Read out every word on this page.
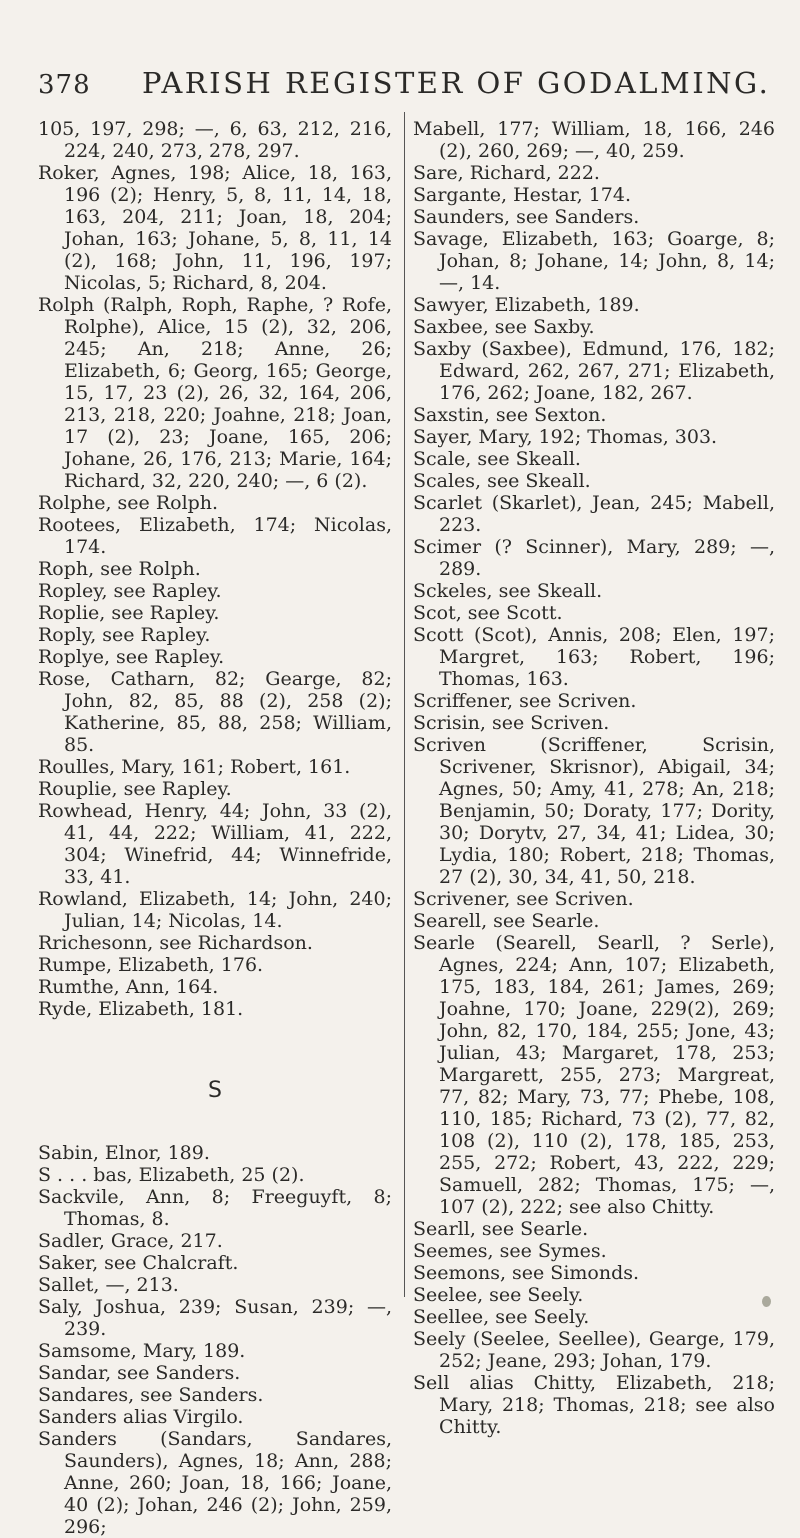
378 PARISH REGISTER OF GODALMING.

105, 197, 298; —, 6, 63, 212, 216, 224, 240, 273, 278, 297.

Roker, Agnes, 198; Alice, 18, 163, 196 (2); Henry, 5, 8, 11, 14, 18, 163, 204, 211; Joan, 18, 204; Johan, 163; Johane, 5, 8, 11, 14 (2), 168; John, 11, 196, 197; Nicolas, 5; Richard, 8, 204.

Rolph (Ralph, Roph, Raphe, ? Rofe, Rolphe), Alice, 15 (2), 32, 206, 245; An, 218; Anne, 26; Elizabeth, 6; Georg, 165; George, 15, 17, 23 (2), 26, 32, 164, 206, 213, 218, 220; Joahne, 218; Joan, 17 (2), 23; Joane, 165, 206; Johane, 26, 176, 213; Marie, 164; Richard, 32, 220, 240; —, 6 (2).

Rolphe, see Rolph.

Rootees, Elizabeth, 174; Nicolas, 174.

Roph, see Rolph.

Ropley, see Rapley.

Roplie, see Rapley.

Roply, see Rapley.

Roplye, see Rapley.

Rose, Catharn, 82; Gearge, 82; John, 82, 85, 88 (2), 258 (2); Katherine, 85, 88, 258; William, 85.

Roulles, Mary, 161; Robert, 161.

Rouplie, see Rapley.

Rowhead, Henry, 44; John, 33 (2), 41, 44, 222; William, 41, 222, 304; Winefrid, 44; Winnefride, 33, 41.

Rowland, Elizabeth, 14; John, 240; Julian, 14; Nicolas, 14.

Rrichesonn, see Richardson.

Rumpe, Elizabeth, 176.

Rumthe, Ann, 164.

Ryde, Elizabeth, 181.

S

Sabin, Elnor, 189.

S . . . bas, Elizabeth, 25 (2).

Sackvile, Ann, 8; Freeguyft, 8; Thomas, 8.

Sadler, Grace, 217.

Saker, see Chalcraft.

Sallet, —, 213.

Saly, Joshua, 239; Susan, 239; —, 239.

Samsome, Mary, 189.

Sandar, see Sanders.

Sandares, see Sanders.

Sanders alias Virgilo.

Sanders (Sandars, Sandares, Saunders), Agnes, 18; Ann, 288; Anne, 260; Joan, 18, 166; Joane, 40 (2); Johan, 246 (2); John, 259, 296;

Mabell, 177; William, 18, 166, 246 (2), 260, 269; —, 40, 259.

Sare, Richard, 222.

Sargante, Hestar, 174.

Saunders, see Sanders.

Savage, Elizabeth, 163; Goarge, 8; Johan, 8; Johane, 14; John, 8, 14; —, 14.

Sawyer, Elizabeth, 189.

Saxbee, see Saxby.

Saxby (Saxbee), Edmund, 176, 182; Edward, 262, 267, 271; Elizabeth, 176, 262; Joane, 182, 267.

Saxstin, see Sexton.

Sayer, Mary, 192; Thomas, 303.

Scale, see Skeall.

Scales, see Skeall.

Scarlet (Skarlet), Jean, 245; Mabell, 223.

Scimer (? Scinner), Mary, 289; —, 289.

Sckeles, see Skeall.

Scot, see Scott.

Scott (Scot), Annis, 208; Elen, 197; Margret, 163; Robert, 196; Thomas, 163.

Scriffener, see Scriven.

Scrisin, see Scriven.

Scriven (Scriffener, Scrisin, Scrivener, Skrisnor), Abigail, 34; Agnes, 50; Amy, 41, 278; An, 218; Benjamin, 50; Doraty, 177; Dority, 30; Dorytv, 27, 34, 41; Lidea, 30; Lydia, 180; Robert, 218; Thomas, 27 (2), 30, 34, 41, 50, 218.

Scrivener, see Scriven.

Searell, see Searle.

Searle (Searell, Searll, ? Serle), Agnes, 224; Ann, 107; Elizabeth, 175, 183, 184, 261; James, 269; Joahne, 170; Joane, 229(2), 269; John, 82, 170, 184, 255; Jone, 43; Julian, 43; Margaret, 178, 253; Margarett, 255, 273; Margreat, 77, 82; Mary, 73, 77; Phebe, 108, 110, 185; Richard, 73 (2), 77, 82, 108 (2), 110 (2), 178, 185, 253, 255, 272; Robert, 43, 222, 229; Samuell, 282; Thomas, 175; —, 107 (2), 222; see also Chitty.

Searll, see Searle.

Seemes, see Symes.

Seemons, see Simonds.

Seelee, see Seely.

Seellee, see Seely.

Seely (Seelee, Seellee), Gearge, 179, 252; Jeane, 293; Johan, 179.

Sell alias Chitty, Elizabeth, 218; Mary, 218; Thomas, 218; see also Chitty.
